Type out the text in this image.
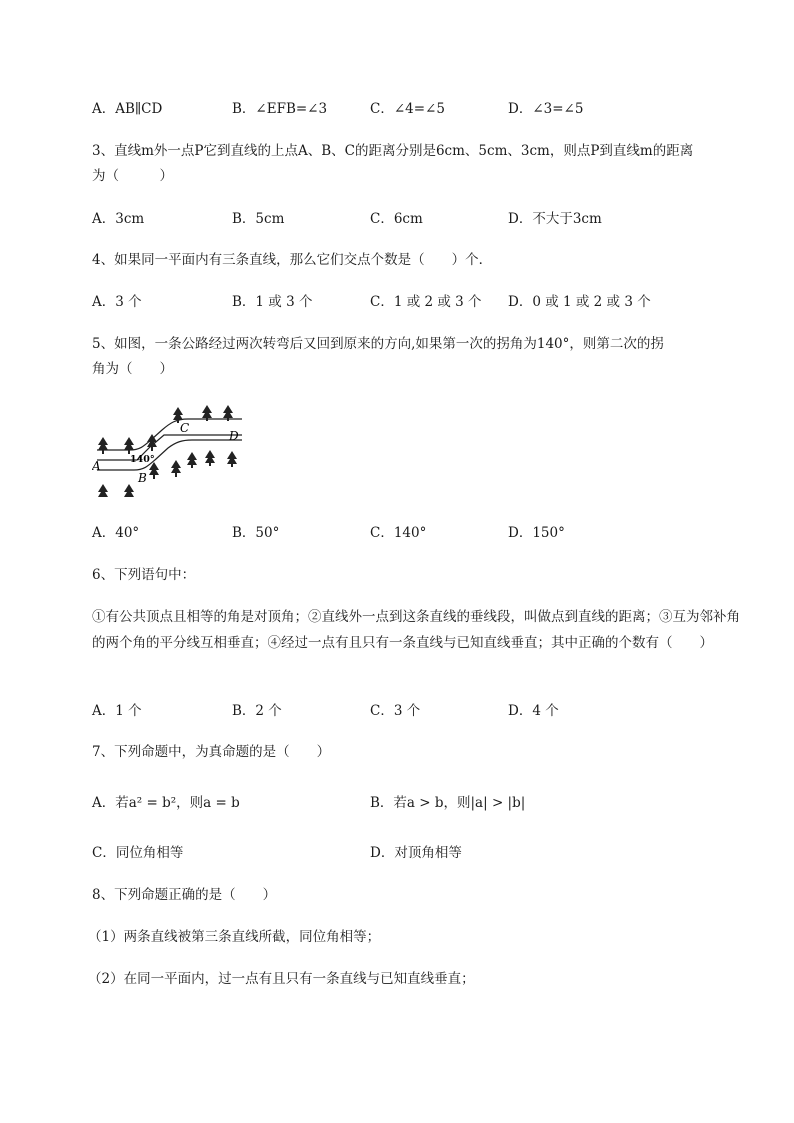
A．AB∥CD	B．∠EFB=∠3	C．∠4=∠5	D．∠3=∠5
3、直线m外一点P它到直线的上点A、B、C的距离分别是6cm、5cm、3cm，则点P到直线m的距离
为（　　　）
A．3cm	B．5cm	C．6cm	D．不大于3cm
4、如果同一平面内有三条直线，那么它们交点个数是（　　）个．
A．3 个	B．1 或 3 个	C．1 或 2 或 3 个 D．0 或 1 或 2 或 3 个
5、如图，一条公路经过两次转弯后又回到原来的方向,如果第一次的拐角为140°，则第二次的拐
角为（　　）
A
B
C
D
140°
A．40°	B．50°	C．140°	D．150°
6、下列语句中：
①有公共顶点且相等的角是对顶角；②直线外一点到这条直线的垂线段，叫做点到直线的距离；③互为邻补角的两个角的平分线互相垂直；④经过一点有且只有一条直线与已知直线垂直；其中正确的个数有（　　）
A．1 个	B．2 个	C．3 个	D．4 个
7、下列命题中，为真命题的是（　　）
A．若a² = b²，则a = b	B．若a > b，则|a| > |b|
C．同位角相等	D．对顶角相等
8、下列命题正确的是（　　）
（1）两条直线被第三条直线所截，同位角相等；
（2）在同一平面内，过一点有且只有一条直线与已知直线垂直；
